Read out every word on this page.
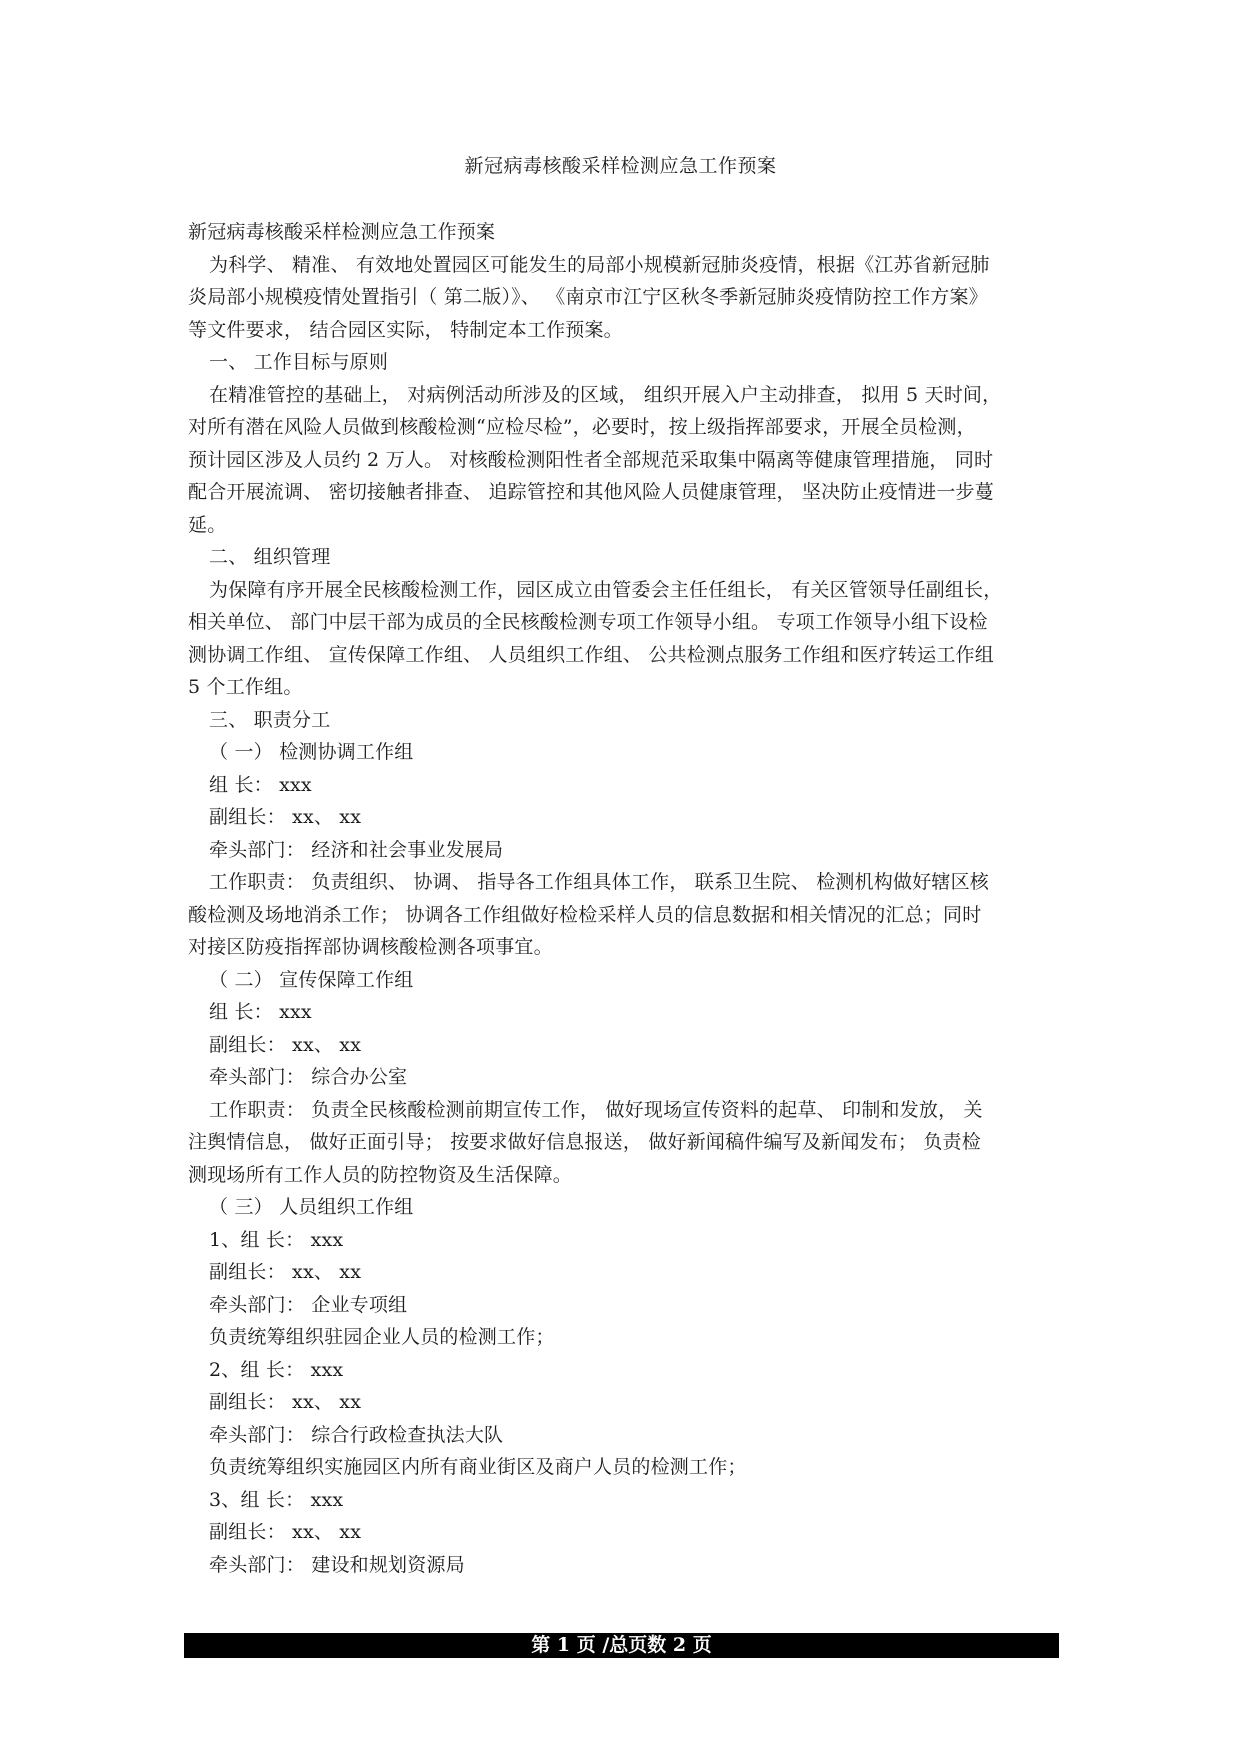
新冠病毒核酸采样检测应急工作预案
新冠病毒核酸采样检测应急工作预案
为科学、 精准、 有效地处置园区可能发生的局部小规模新冠肺炎疫情，根据《江苏省新冠肺
炎局部小规模疫情处置指引（ 第二版）》、 《南京市江宁区秋冬季新冠肺炎疫情防控工作方案》
等文件要求， 结合园区实际， 特制定本工作预案。
一、 工作目标与原则
在精准管控的基础上， 对病例活动所涉及的区域， 组织开展入户主动排查， 拟用 5 天时间，
对所有潜在风险人员做到核酸检测“应检尽检”，必要时，按上级指挥部要求，开展全员检测，
预计园区涉及人员约 2 万人。 对核酸检测阳性者全部规范采取集中隔离等健康管理措施， 同时
配合开展流调、 密切接触者排查、 追踪管控和其他风险人员健康管理， 坚决防止疫情进一步蔓
延。
二、 组织管理
为保障有序开展全民核酸检测工作，园区成立由管委会主任任组长， 有关区管领导任副组长，
相关单位、 部门中层干部为成员的全民核酸检测专项工作领导小组。 专项工作领导小组下设检
测协调工作组、 宣传保障工作组、 人员组织工作组、 公共检测点服务工作组和医疗转运工作组
5 个工作组。
三、 职责分工
（ 一） 检测协调工作组
组 长： xxx
副组长： xx、 xx
牵头部门： 经济和社会事业发展局
工作职责： 负责组织、 协调、 指导各工作组具体工作， 联系卫生院、 检测机构做好辖区核
酸检测及场地消杀工作； 协调各工作组做好检检采样人员的信息数据和相关情况的汇总；同时
对接区防疫指挥部协调核酸检测各项事宜。
（ 二） 宣传保障工作组
组 长： xxx
副组长： xx、 xx
牵头部门： 综合办公室
工作职责： 负责全民核酸检测前期宣传工作， 做好现场宣传资料的起草、 印制和发放， 关
注舆情信息， 做好正面引导； 按要求做好信息报送， 做好新闻稿件编写及新闻发布； 负责检
测现场所有工作人员的防控物资及生活保障。
（ 三） 人员组织工作组
1、组 长： xxx
副组长： xx、 xx
牵头部门： 企业专项组
负责统筹组织驻园企业人员的检测工作；
2、组 长： xxx
副组长： xx、 xx
牵头部门： 综合行政检查执法大队
负责统筹组织实施园区内所有商业街区及商户人员的检测工作；
3、组 长： xxx
副组长： xx、 xx
牵头部门： 建设和规划资源局
第 1 页 /总页数 2 页
